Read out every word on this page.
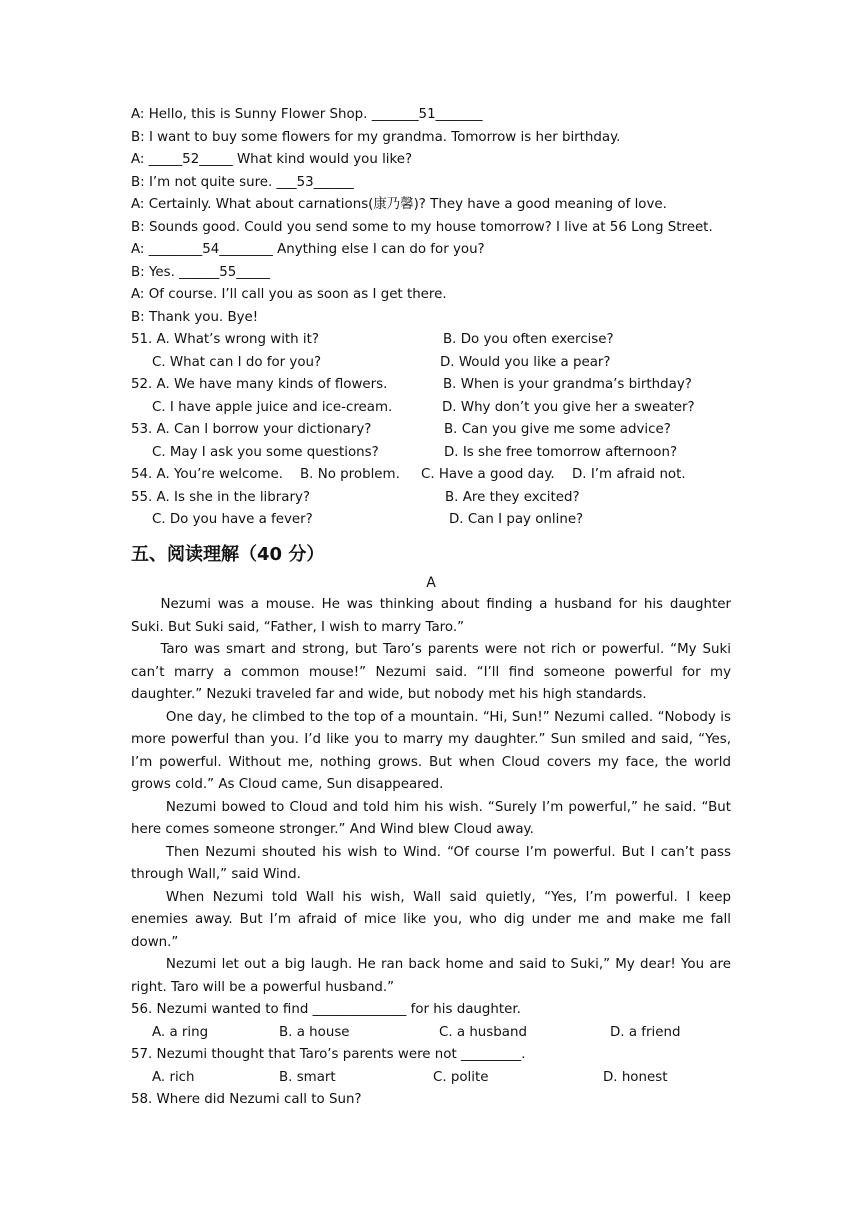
A: Hello, this is Sunny Flower Shop. _______51_______
B: I want to buy some flowers for my grandma. Tomorrow is her birthday.
A: _____52_____ What kind would you like?
B: I’m not quite sure. ___53______
A: Certainly. What about carnations(康乃馨)? They have a good meaning of love.
B: Sounds good. Could you send some to my house tomorrow? I live at 56 Long Street.
A: ________54________ Anything else I can do for you?
B: Yes. ______55_____
A: Of course. I’ll call you as soon as I get there.
B: Thank you. Bye!
51. A. What’s wrong with it?	B. Do you often exercise?
C. What can I do for you?	D. Would you like a pear?
52. A. We have many kinds of flowers.	B. When is your grandma’s birthday?
C. I have apple juice and ice-cream.	D. Why don’t you give her a sweater?
53. A. Can I borrow your dictionary?	B. Can you give me some advice?
C. May I ask you some questions?	D. Is she free tomorrow afternoon?
54. A. You’re welcome. B. No problem. C. Have a good day. D. I’m afraid not.
55. A. Is she in the library?	B. Are they excited?
C. Do you have a fever?	D. Can I pay online?
五、阅读理解（40 分）
A
Nezumi was a mouse. He was thinking about finding a husband for his daughter Suki. But Suki said, “Father, I wish to marry Taro.”
Taro was smart and strong, but Taro’s parents were not rich or powerful. “My Suki can’t marry a common mouse!” Nezumi said. “I’ll find someone powerful for my daughter.” Nezuki traveled far and wide, but nobody met his high standards.
One day, he climbed to the top of a mountain. “Hi, Sun!” Nezumi called. “Nobody is more powerful than you. I’d like you to marry my daughter.” Sun smiled and said, “Yes, I’m powerful. Without me, nothing grows. But when Cloud covers my face, the world grows cold.” As Cloud came, Sun disappeared.
Nezumi bowed to Cloud and told him his wish. “Surely I’m powerful,” he said. “But here comes someone stronger.” And Wind blew Cloud away.
Then Nezumi shouted his wish to Wind. “Of course I’m powerful. But I can’t pass through Wall,” said Wind.
When Nezumi told Wall his wish, Wall said quietly, “Yes, I’m powerful. I keep enemies away. But I’m afraid of mice like you, who dig under me and make me fall down.”
Nezumi let out a big laugh. He ran back home and said to Suki,” My dear! You are right. Taro will be a powerful husband.”
56. Nezumi wanted to find ______________ for his daughter.
A. a ring	B. a house	C. a husband	D. a friend
57. Nezumi thought that Taro’s parents were not _________.
A. rich	B. smart	C. polite	D. honest
58. Where did Nezumi call to Sun?
